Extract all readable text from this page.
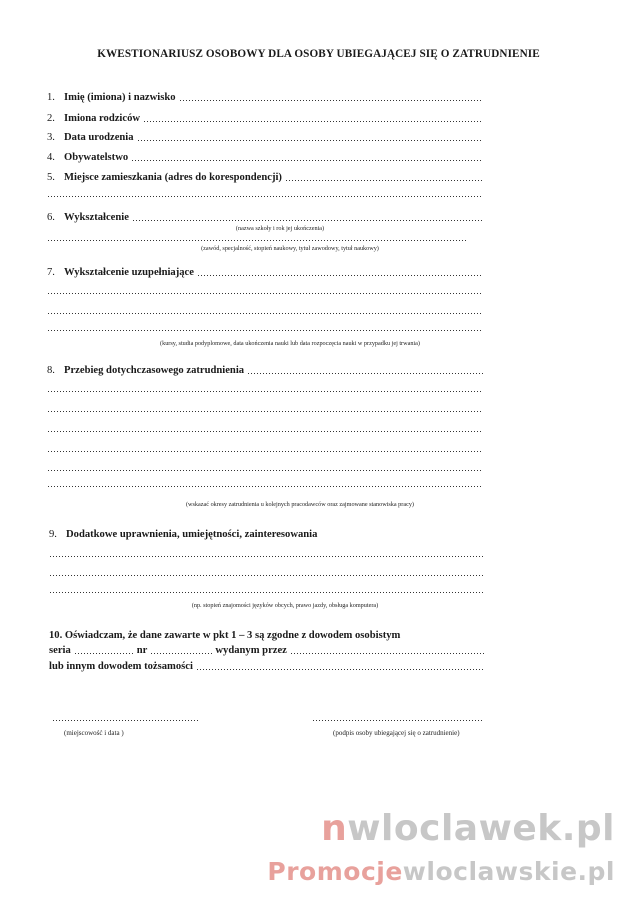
KWESTIONARIUSZ OSOBOWY DLA OSOBY UBIEGAJĄCEJ SIĘ O ZATRUDNIENIE
1. Imię (imiona) i nazwisko
2. Imiona rodziców
3. Data urodzenia
4. Obywatelstwo
5. Miejsce zamieszkania (adres do korespondencji)
6. Wykształcenie
(nazwa szkoły i rok jej ukończenia)
(zawód, specjalność, stopień naukowy, tytuł zawodowy, tytuł naukowy)
7. Wykształcenie uzupełniające
(kursy, studia podyplomowe, data ukończenia nauki lub data rozpoczęcia nauki w przypadku jej trwania)
8. Przebieg dotychczasowego zatrudnienia
(wskazać okresy zatrudnienia u kolejnych pracodawców oraz zajmowane stanowiska pracy)
9. Dodatkowe uprawnienia, umiejętności, zainteresowania
(np. stopień znajomości języków obcych, prawo jazdy, obsługa komputera)
10. Oświadczam, że dane zawarte w pkt 1 – 3 są zgodne z dowodem osobistym
seria	nr	wydanym przez
lub innym dowodem tożsamości
(miejscowość i data )	(podpis osoby ubiegającej się o zatrudnienie)
nwloclawek.pl
Promocjewloclawskie.pl
